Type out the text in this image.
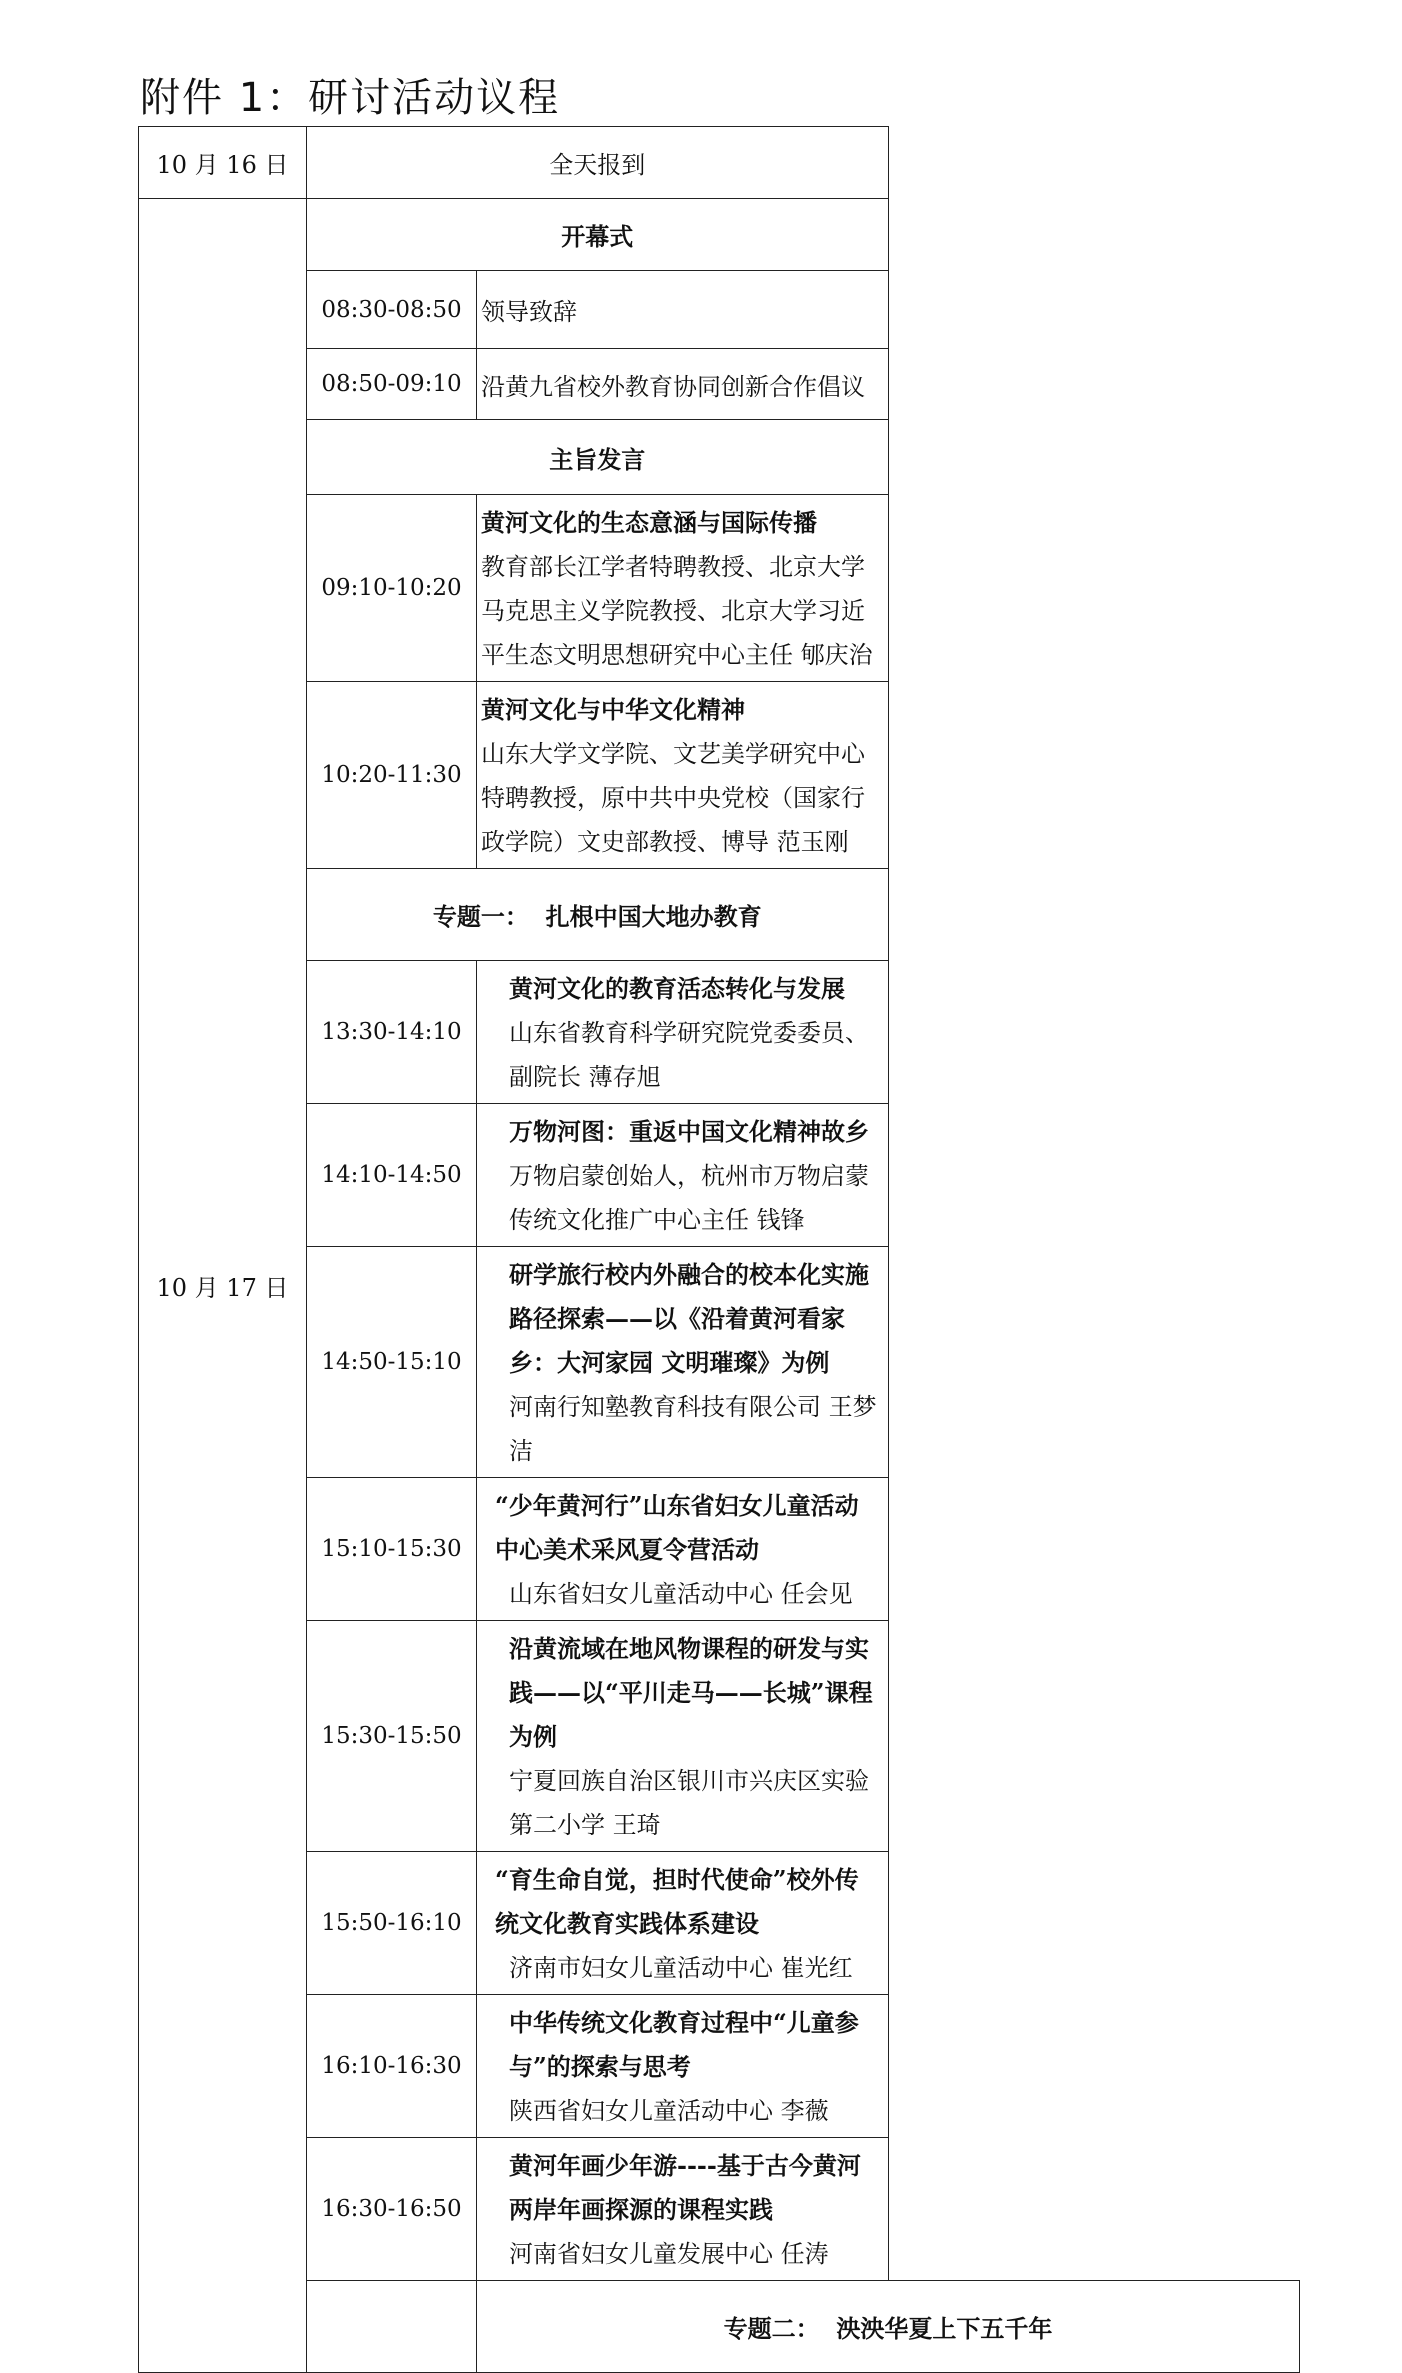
附件 1：研讨活动议程
10 月 16 日	全天报到	
10 月 17 日	开幕式	
	08:30-08:50	领导致辞
	08:50-09:10	沿黄九省校外教育协同创新合作倡议
	主旨发言	
	09:10-10:20	黄河文化的生态意涵与国际传播
教育部长江学者特聘教授、北京大学马克思主义学院教授、北京大学习近平生态文明思想研究中心主任 郇庆治

	10:20-11:30	黄河文化与中华文化精神
山东大学文学院、文艺美学研究中心特聘教授，原中共中央党校（国家行政学院）文史部教授、博导 范玉刚

	专题一：  扎根中国大地办教育	
	13:30-14:10	黄河文化的教育活态转化与发展
山东省教育科学研究院党委委员、副院长 薄存旭

	14:10-14:50	万物河图：重返中国文化精神故乡
万物启蒙创始人，杭州市万物启蒙传统文化推广中心主任 钱锋

	14:50-15:10	研学旅行校内外融合的校本化实施路径探索——以《沿着黄河看家乡：大河家园 文明璀璨》为例
河南行知塾教育科技有限公司 王梦洁

	15:10-15:30	“少年黄河行”山东省妇女儿童活动中心美术采风夏令营活动
山东省妇女儿童活动中心 任会见

	15:30-15:50	沿黄流域在地风物课程的研发与实践——以“平川走马——长城”课程为例
宁夏回族自治区银川市兴庆区实验第二小学 王琦

	15:50-16:10	“育生命自觉，担时代使命”校外传统文化教育实践体系建设
济南市妇女儿童活动中心 崔光红

	16:10-16:30	中华传统文化教育过程中“儿童参与”的探索与思考
陕西省妇女儿童活动中心 李薇

	16:30-16:50	黄河年画少年游----基于古今黄河两岸年画探源的课程实践
河南省妇女儿童发展中心 任涛

		专题二：  泱泱华夏上下五千年
